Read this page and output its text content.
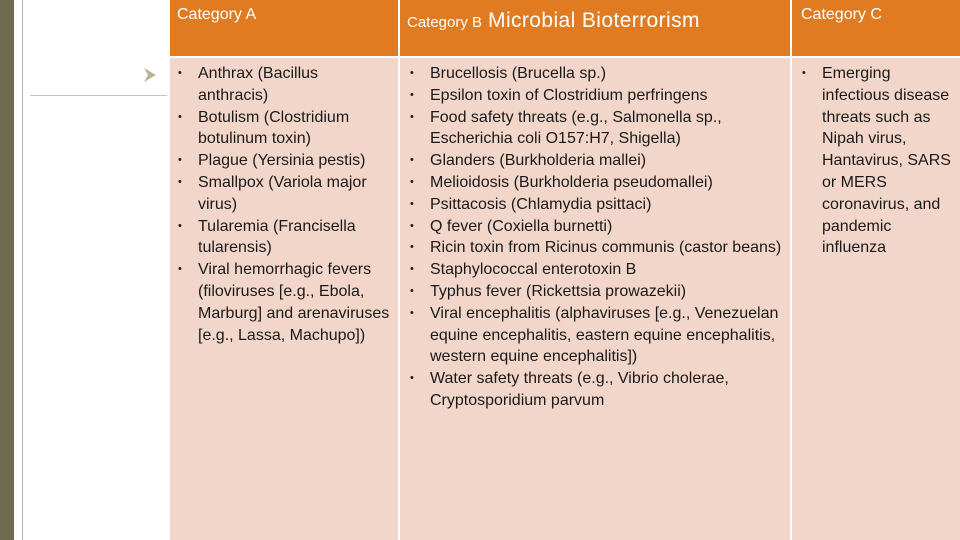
Category A	Category B Microbial Bioterrorism	Category C
• Anthrax (Bacillus anthracis)
• Botulism (Clostridium botulinum toxin)
• Plague (Yersinia pestis)
• Smallpox (Variola major virus)
• Tularemia (Francisella tularensis)
• Viral hemorrhagic fevers (filoviruses [e.g., Ebola, Marburg] and arenaviruses [e.g., Lassa, Machupo])
• Brucellosis (Brucella sp.)
• Epsilon toxin of Clostridium perfringens
• Food safety threats (e.g., Salmonella sp., Escherichia coli O157:H7, Shigella)
• Glanders (Burkholderia mallei)
• Melioidosis (Burkholderia pseudomallei)
• Psittacosis (Chlamydia psittaci)
• Q fever (Coxiella burnetti)
• Ricin toxin from Ricinus communis (castor beans)
• Staphylococcal enterotoxin B
• Typhus fever (Rickettsia prowazekii)
• Viral encephalitis (alphaviruses [e.g., Venezuelan equine encephalitis, eastern equine encephalitis, western equine encephalitis])
• Water safety threats (e.g., Vibrio cholerae, Cryptosporidium parvum
• Emerging infectious disease threats such as Nipah virus, Hantavirus, SARS or MERS coronavirus, and pandemic influenza
